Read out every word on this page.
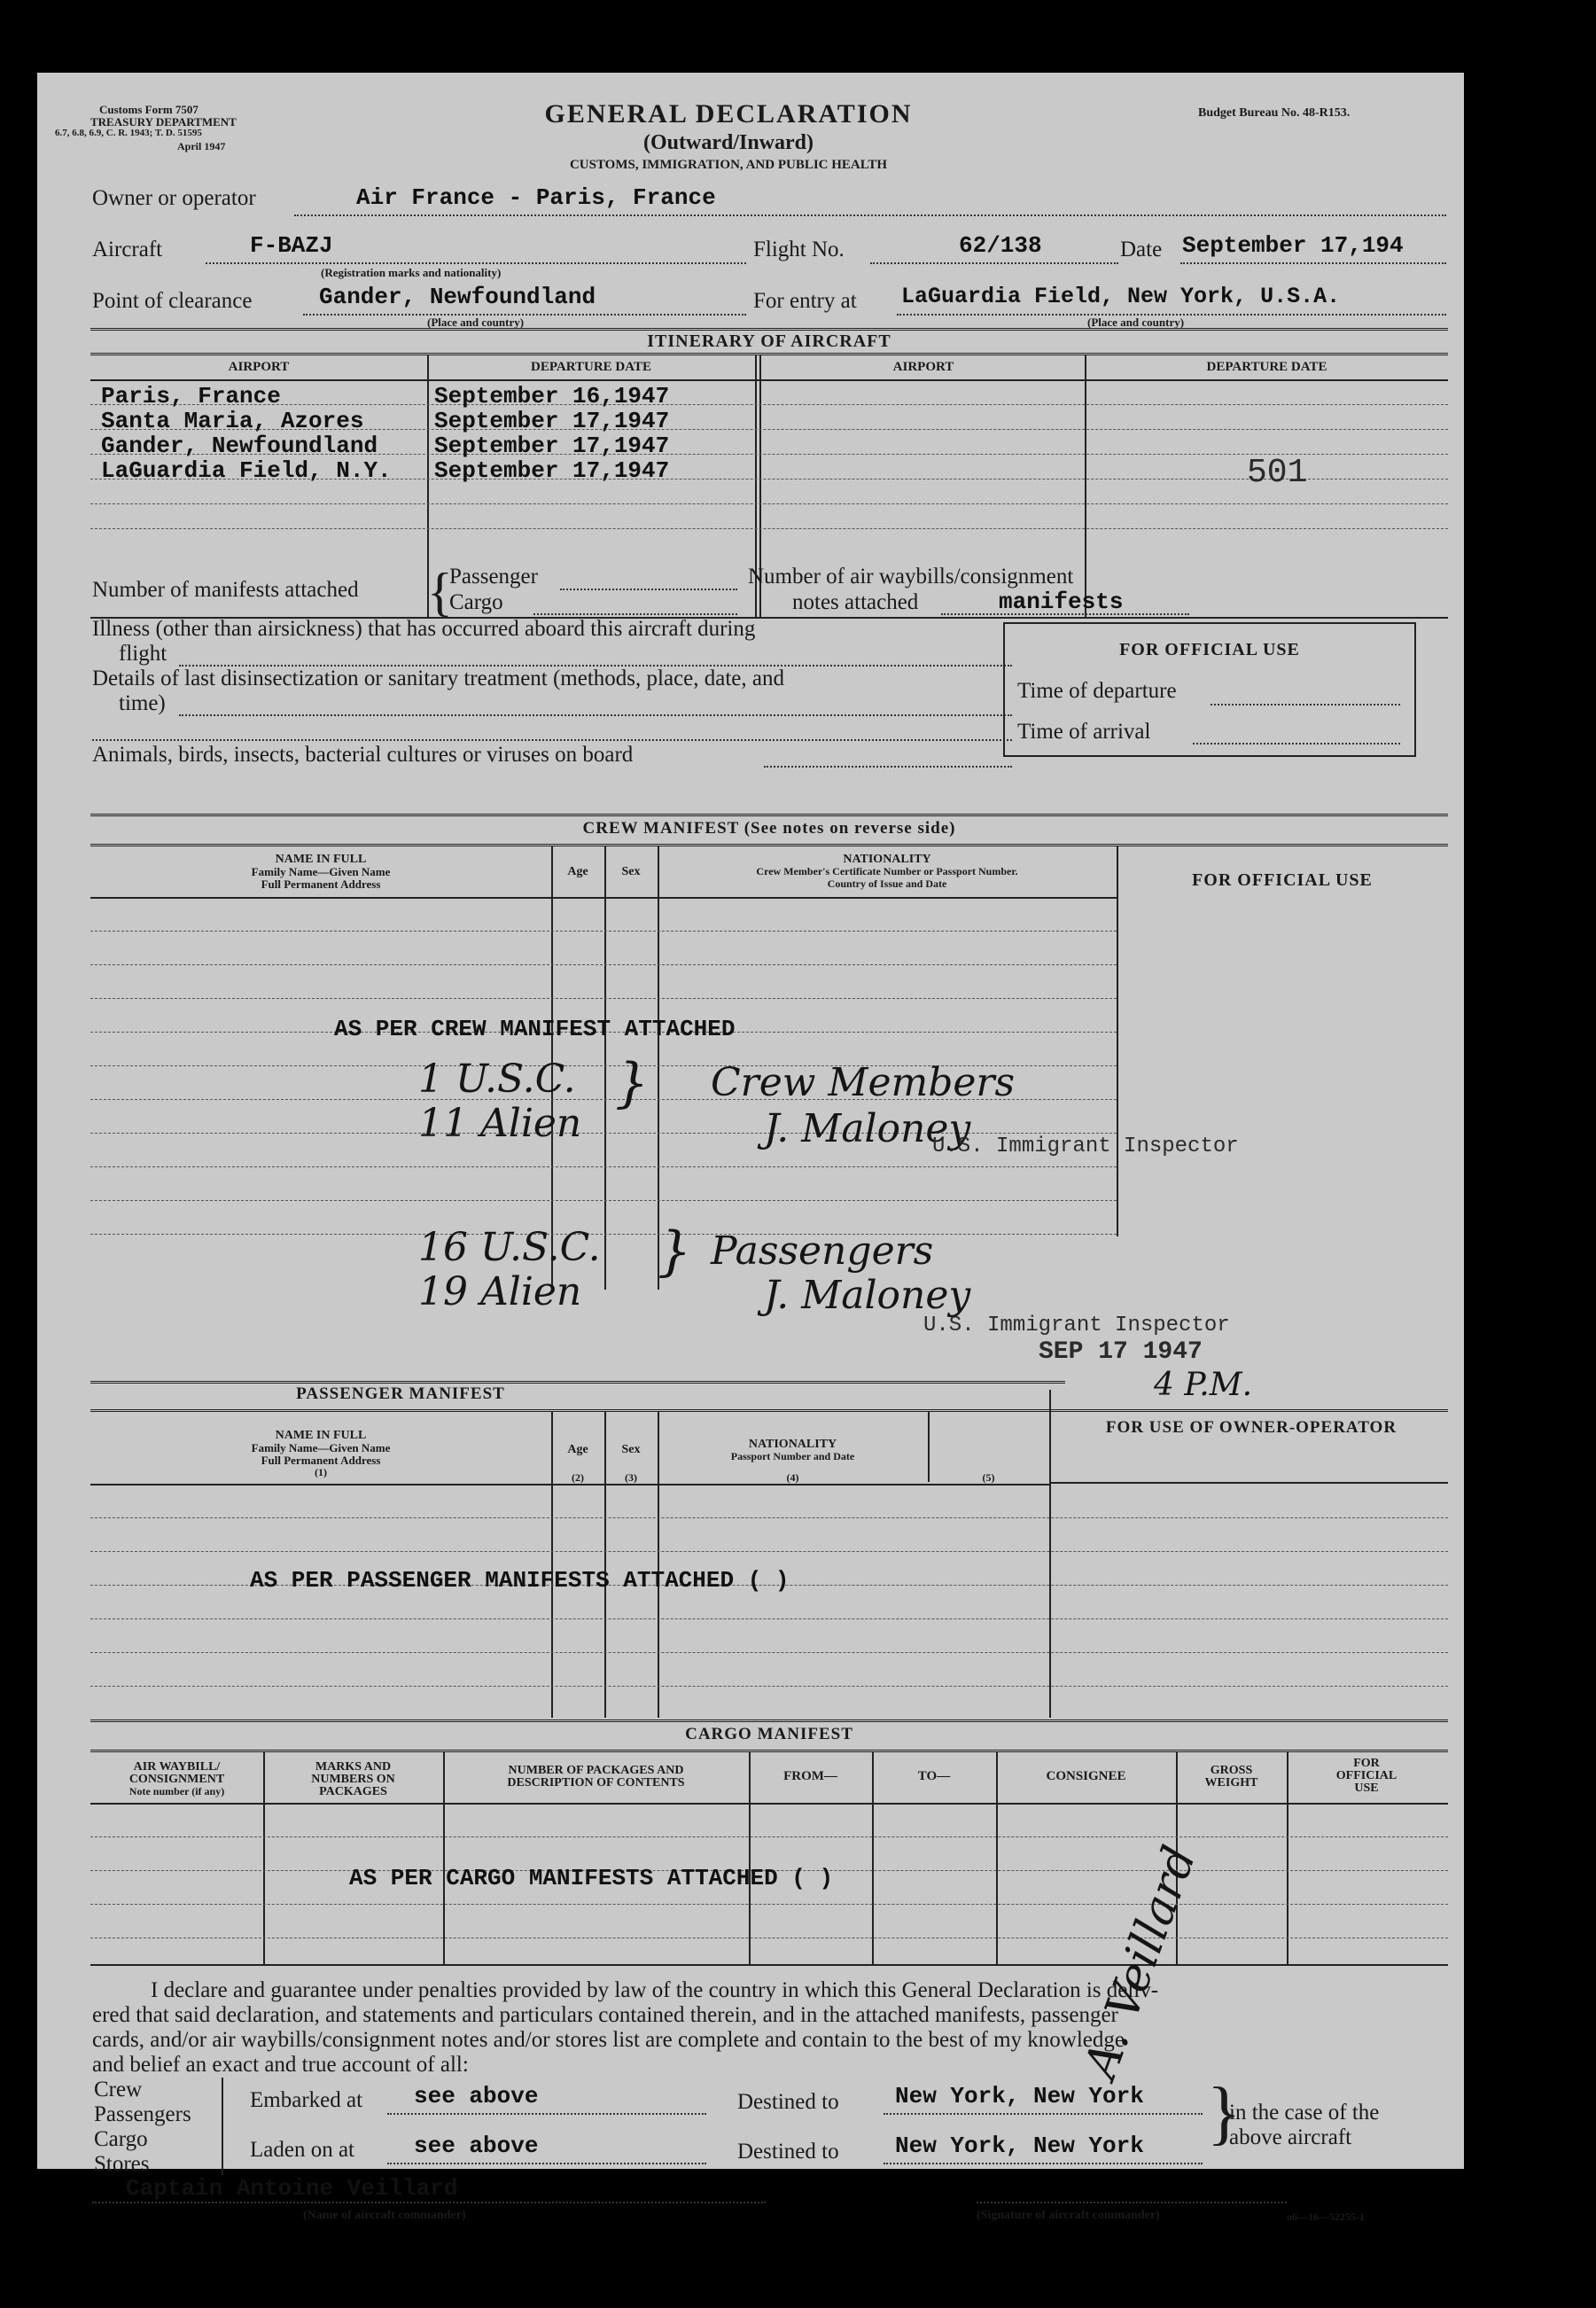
Customs Form 7507
TREASURY DEPARTMENT
6.7, 6.8, 6.9, C. R. 1943; T. D. 51595
April 1947
GENERAL DECLARATION
(Outward/Inward)
CUSTOMS, IMMIGRATION, AND PUBLIC HEALTH
Budget Bureau No. 48-R153.
Owner or operator	Air France - Paris, France
Aircraft	F-BAZJ
(Registration marks and nationality)
Flight No.	62/138	Date September 17,194
Point of clearance	Gander, Newfoundland
(Place and country)
For entry at LaGuardia Field, New York, U.S.A.
(Place and country)
ITINERARY OF AIRCRAFT
AIRPORT	DEPARTURE DATE	AIRPORT	DEPARTURE DATE
Paris, France	September 16,1947
Santa Maria, Azores	September 17,1947
Gander, Newfoundland September 17,1947
LaGuardia Field, N.Y. September 17,1947	501
Number of manifests attached {
Passenger
Cargo
Number of air waybills/consignment
notes attached	manifests
Illness (other than airsickness) that has occurred aboard this aircraft during
flight
Details of last disinsectization or sanitary treatment (methods, place, date, and
time)
Animals, birds, insects, bacterial cultures or viruses on board
FOR OFFICIAL USE
Time of departure
Time of arrival
CREW MANIFEST (See notes on reverse side)
NAME IN FULL
Family Name—Given Name
Full Permanent Address
Age	Sex
NATIONALITY
Crew Member's Certificate Number or Passport Number.
Country of Issue and Date	FOR OFFICIAL USE
AS PER CREW MANIFEST ATTACHED
1 U.S.C.
11 Alien
} Crew Members
J. Maloney
U.S. Immigrant Inspector
16 U.S.C.
19 Alien
} Passengers
J. Maloney
U.S. Immigrant Inspector
SEP 17 1947
4 P.M.
PASSENGER MANIFEST
NAME IN FULL
Family Name—Given Name
Full Permanent Address
(1)
Age
(2)
Sex
(3)
NATIONALITY
Passport Number and Date
(4)	(5)
FOR USE OF OWNER-OPERATOR
AS PER PASSENGER MANIFESTS ATTACHED ( )
CARGO MANIFEST
AIR WAYBILL/
CONSIGNMENT
Note number (if any)
MARKS AND
NUMBERS ON
PACKAGES
NUMBER OF PACKAGES AND
DESCRIPTION OF CONTENTS	FROM—	TO—	CONSIGNEE	GROSS
WEIGHT
FOR
OFFICIAL
USE
AS PER CARGO MANIFESTS ATTACHED ( )
I declare and guarantee under penalties provided by law of the country in which this General Declaration is deliv-
ered that said declaration, and statements and particulars contained therein, and in the attached manifests, passenger
cards, and/or air waybills/consignment notes and/or stores list are complete and contain to the best of my knowledge
and belief an exact and true account of all:
Crew
Passengers
Cargo
Stores
Embarked at see above
Laden on at	see above
Destined to New York, New York
Destined to New York, New York }
in the case of the
above aircraft
Captain Antoine Veillard
(Name of aircraft commander)
A. Veillard
(Signature of aircraft commander)	o6—16—52255-1
